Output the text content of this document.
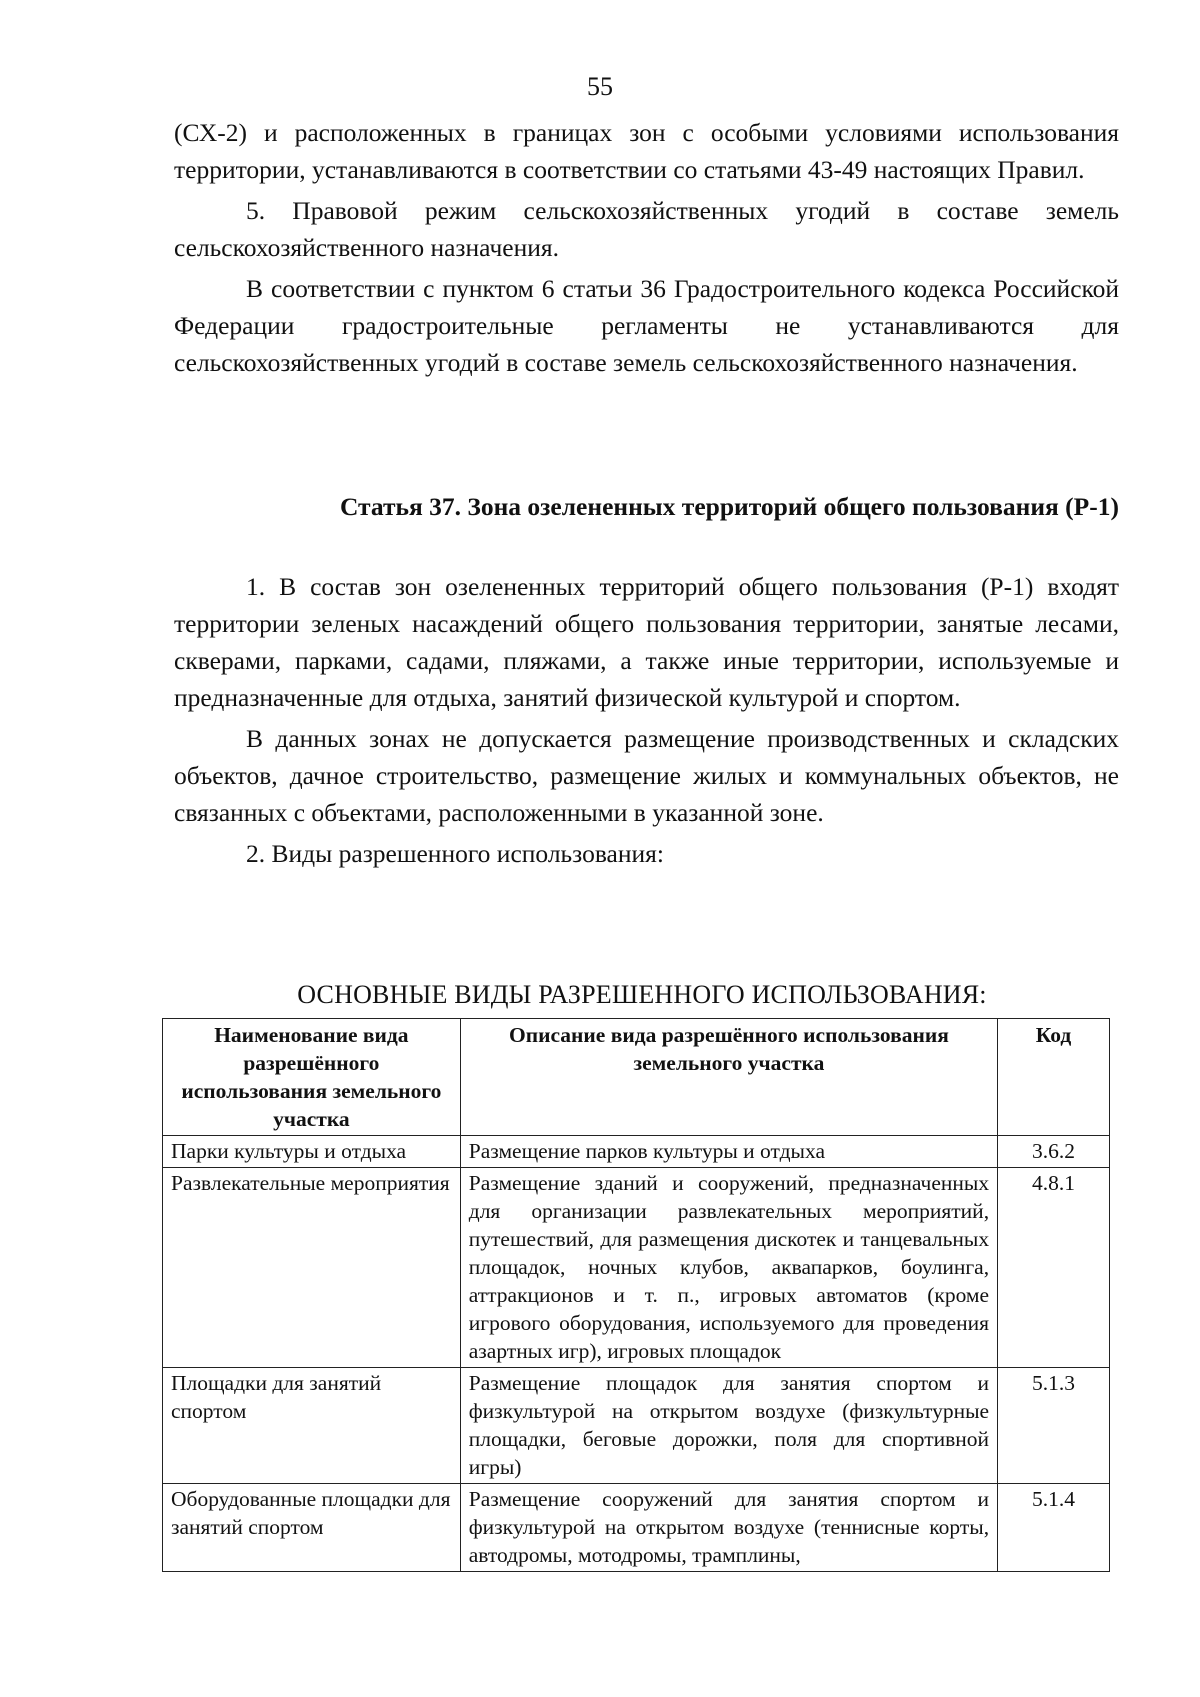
55

(СХ-2) и расположенных в границах зон с особыми условиями использования территории, устанавливаются в соответствии со статьями 43-49 настоящих Правил.

5. Правовой режим сельскохозяйственных угодий в составе земель сельскохозяйственного назначения.

В соответствии с пунктом 6 статьи 36 Градостроительного кодекса Российской Федерации градостроительные регламенты не устанавливаются для сельскохозяйственных угодий в составе земель сельскохозяйственного назначения.

Статья 37. Зона озелененных территорий общего пользования (Р-1)

1. В состав зон озелененных территорий общего пользования (Р-1) входят территории зеленых насаждений общего пользования территории, занятые лесами, скверами, парками, садами, пляжами, а также иные территории, используемые и предназначенные для отдыха, занятий физической культурой и спортом.

В данных зонах не допускается размещение производственных и складских объектов, дачное строительство, размещение жилых и коммунальных объектов, не связанных с объектами, расположенными в указанной зоне.

2. Виды разрешенного использования:

ОСНОВНЫЕ ВИДЫ РАЗРЕШЕННОГО ИСПОЛЬЗОВАНИЯ:
Наименование вида разрешённого использования земельного участка	Описание вида разрешённого использования земельного участка	Код
Парки культуры и отдыха	Размещение парков культуры и отдыха	3.6.2
Развлекательные мероприятия	Размещение зданий и сооружений, предназначенных для организации развлекательных мероприятий, путешествий, для размещения дискотек и танцевальных площадок, ночных клубов, аквапарков, боулинга, аттракционов и т. п., игровых автоматов (кроме игрового оборудования, используемого для проведения азартных игр), игровых площадок	4.8.1
Площадки для занятий спортом	Размещение площадок для занятия спортом и физкультурой на открытом воздухе (физкультурные площадки, беговые дорожки, поля для спортивной игры)	5.1.3
Оборудованные площадки для занятий спортом	Размещение сооружений для занятия спортом и физкультурой на открытом воздухе (теннисные корты, автодромы, мотодромы, трамплины,	5.1.4
